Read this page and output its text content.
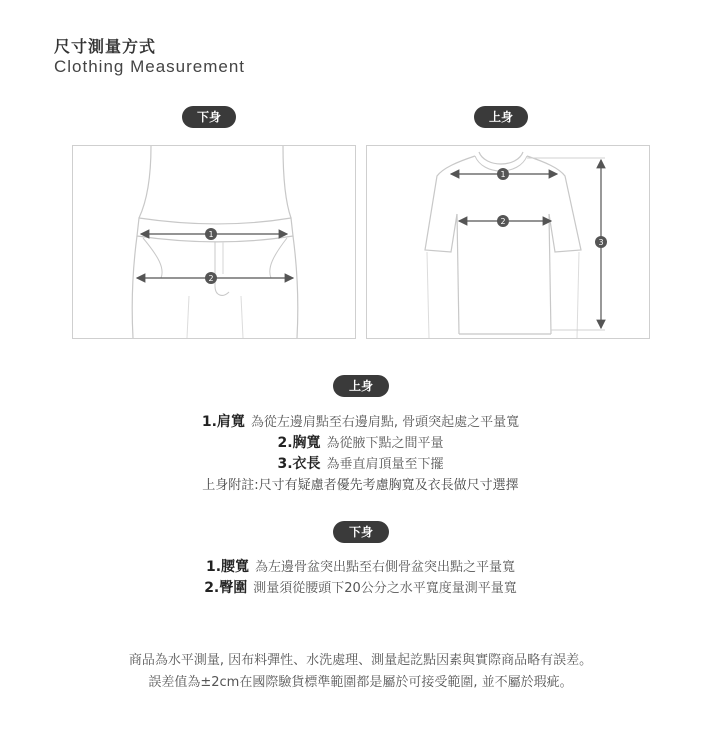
尺寸測量方式
Clothing Measurement
下身	上身
1
2
1
2
3
上身
1.肩寬 為從左邊肩點至右邊肩點, 骨頭突起處之平量寬
2.胸寬 為從腋下點之間平量
3.衣長 為垂直肩頂量至下擺
上身附註:尺寸有疑慮者優先考慮胸寬及衣長做尺寸選擇
下身
1.腰寬 為左邊骨盆突出點至右側骨盆突出點之平量寬
2.臀圍 測量須從腰頭下20公分之水平寬度量測平量寬
商品為水平測量, 因布料彈性、水洗處理、測量起訖點因素與實際商品略有誤差。
誤差值為±2cm在國際驗貨標準範圍都是屬於可接受範圍, 並不屬於瑕疵。
